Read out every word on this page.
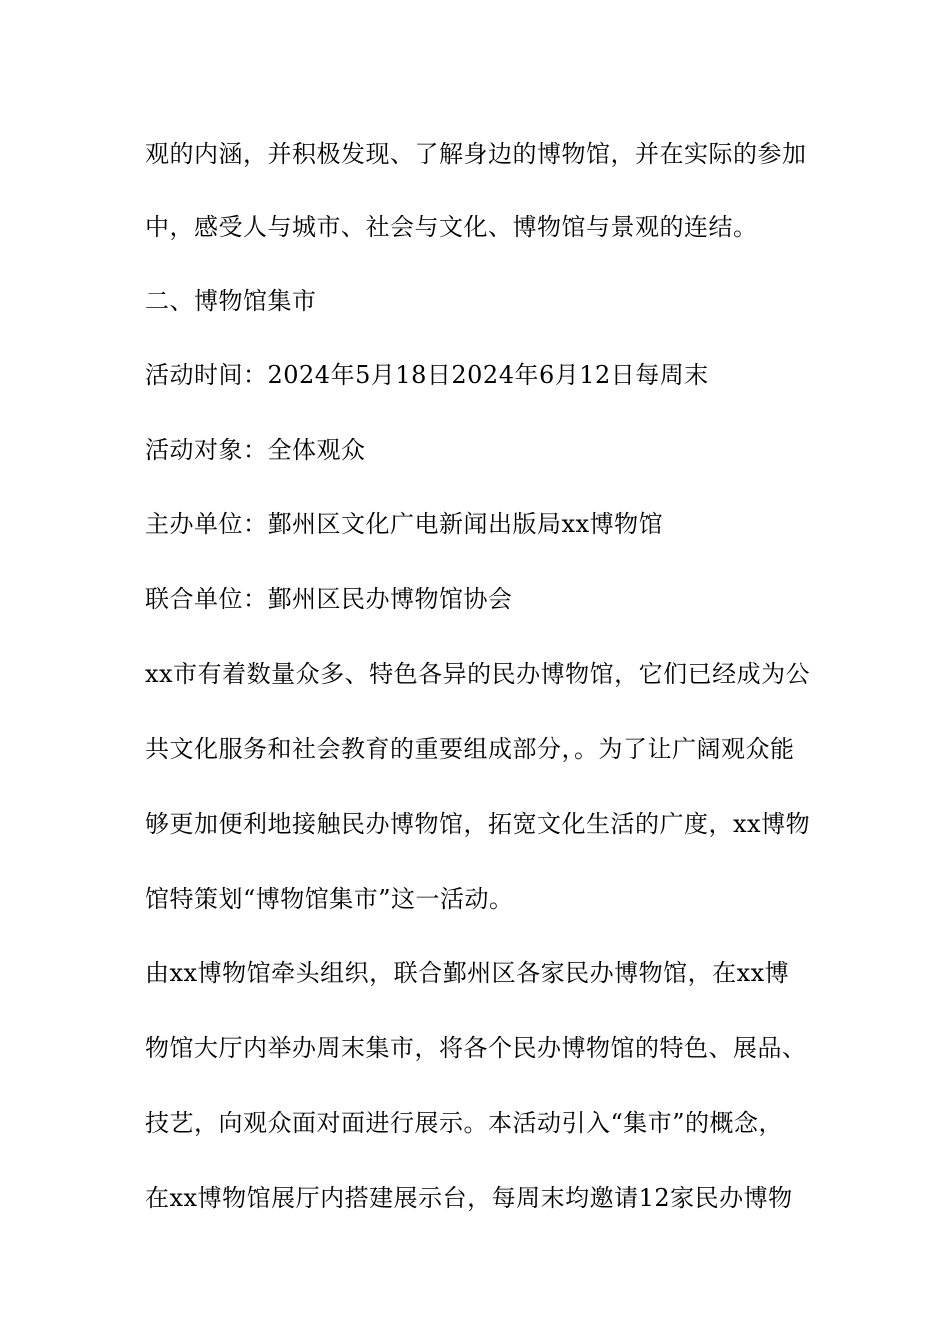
观的内涵，并积极发现、了解身边的博物馆，并在实际的参加
中，感受人与城市、社会与文化、博物馆与景观的连结。
二、博物馆集市
活动时间：2024年5月18日2024年6月12日每周末
活动对象：全体观众
主办单位：鄞州区文化广电新闻出版局xx博物馆
联合单位：鄞州区民办博物馆协会
xx市有着数量众多、特色各异的民办博物馆，它们已经成为公
共文化服务和社会教育的重要组成部分，。为了让广阔观众能
够更加便利地接触民办博物馆，拓宽文化生活的广度，xx博物
馆特策划“博物馆集市”这一活动。
由xx博物馆牵头组织，联合鄞州区各家民办博物馆，在xx博
物馆大厅内举办周末集市，将各个民办博物馆的特色、展品、
技艺，向观众面对面进行展示。本活动引入“集市”的概念，
在xx博物馆展厅内搭建展示台，每周末均邀请12家民办博物
